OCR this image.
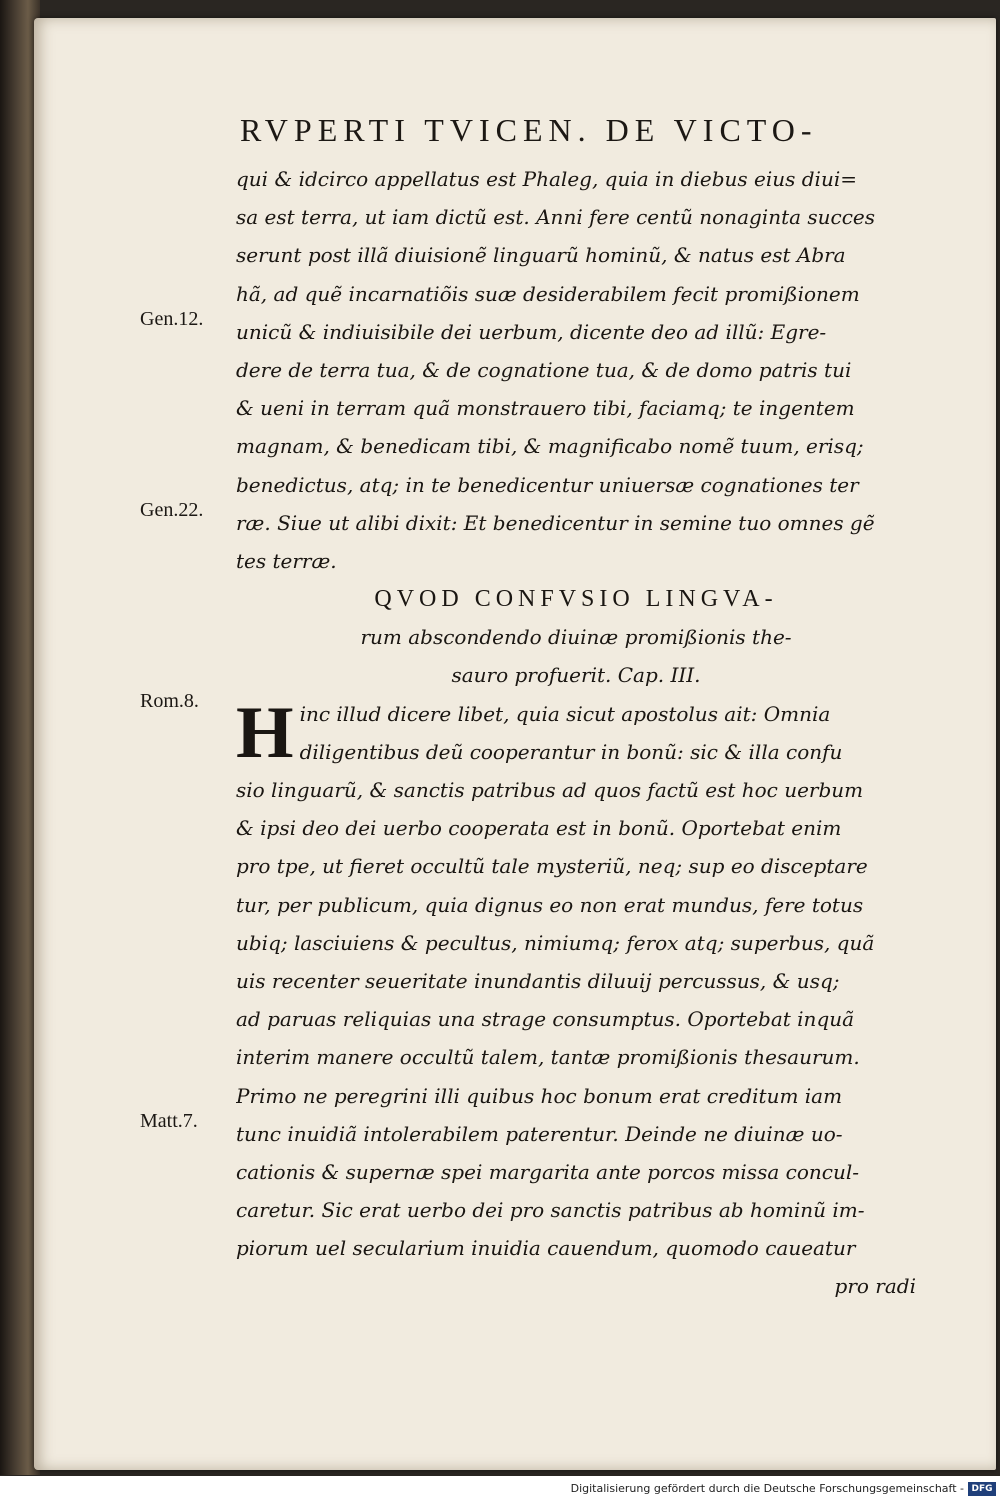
RVPERTI TVICEN. DE VICTO-
Gen.12.
Gen.22.
Rom.8.
Matt.7.
qui & idcirco appellatus est Phaleg, quia in diebus eius diui=
sa est terra, ut iam dictũ est. Anni fere centũ nonaginta succes
serunt post illã diuisionẽ linguarũ hominũ, & natus est Abra
hã, ad quẽ incarnatiõis suæ desiderabilem fecit promißionem
unicũ & indiuisibile dei uerbum, dicente deo ad illũ: Egre-
dere de terra tua, & de cognatione tua, & de domo patris tui
& ueni in terram quã monstrauero tibi, faciamq; te ingentem
magnam, & benedicam tibi, & magnificabo nomẽ tuum, erisq;
benedictus, atq; in te benedicentur uniuersæ cognationes ter
ræ. Siue ut alibi dixit: Et benedicentur in semine tuo omnes gẽ
tes terræ.
QVOD CONFVSIO LINGVA-
rum abscondendo diuinæ promißionis the-
sauro profuerit. Cap. III.
H inc illud dicere libet, quia sicut apostolus ait: Omnia
diligentibus deũ cooperantur in bonũ: sic & illa confu
sio linguarũ, & sanctis patribus ad quos factũ est hoc uerbum
& ipsi deo dei uerbo cooperata est in bonũ. Oportebat enim
pro tpe, ut fieret occultũ tale mysteriũ, neq; sup eo disceptare
tur, per publicum, quia dignus eo non erat mundus, fere totus
ubiq; lasciuiens & pecultus, nimiumq; ferox atq; superbus, quã
uis recenter seueritate inundantis diluuij percussus, & usq;
ad paruas reliquias una strage consumptus. Oportebat inquã
interim manere occultũ talem, tantæ promißionis thesaurum.
Primo ne peregrini illi quibus hoc bonum erat creditum iam
tunc inuidiã intolerabilem paterentur. Deinde ne diuinæ uo-
cationis & supernæ spei margarita ante porcos missa concul-
caretur. Sic erat uerbo dei pro sanctis patribus ab hominũ im-
piorum uel secularium inuidia cauendum, quomodo caueatur
pro radi
Digitalisierung gefördert durch die Deutsche Forschungsgemeinschaft - DFG
